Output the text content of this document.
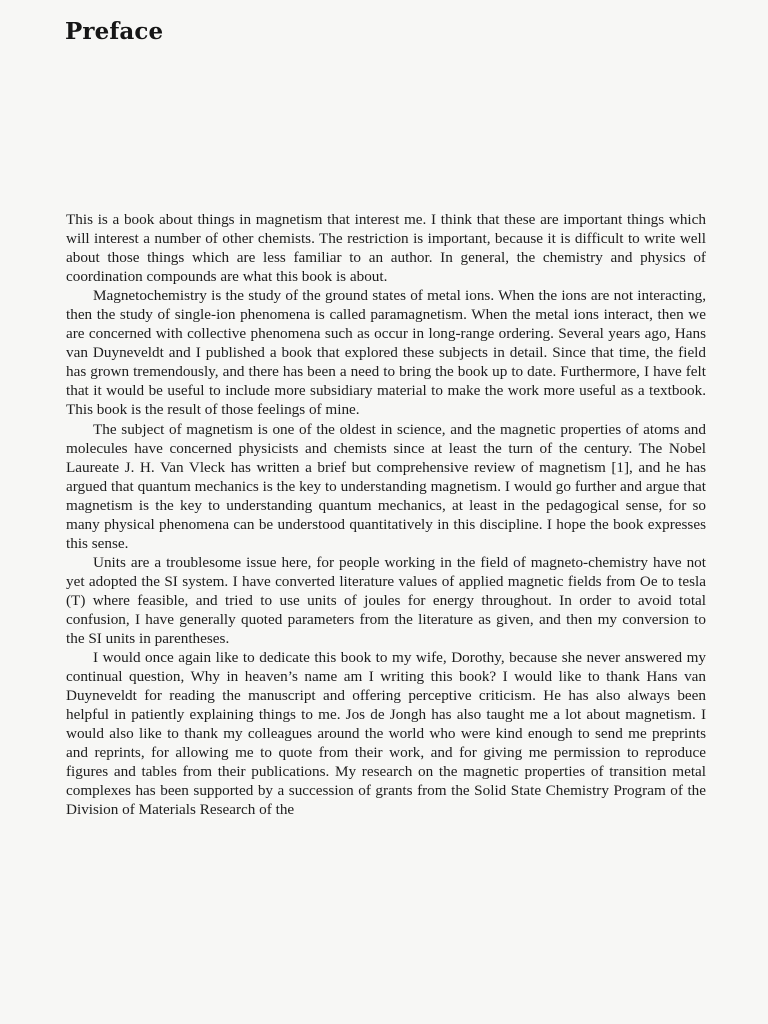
Preface

This is a book about things in magnetism that interest me. I think that these are important things which will interest a number of other chemists. The restriction is important, because it is difficult to write well about those things which are less familiar to an author. In general, the chemistry and physics of coordination compounds are what this book is about.

Magnetochemistry is the study of the ground states of metal ions. When the ions are not interacting, then the study of single-ion phenomena is called paramagnetism. When the metal ions interact, then we are concerned with collective phenomena such as occur in long-range ordering. Several years ago, Hans van Duyneveldt and I published a book that explored these subjects in detail. Since that time, the field has grown tremendously, and there has been a need to bring the book up to date. Furthermore, I have felt that it would be useful to include more subsidiary material to make the work more useful as a textbook. This book is the result of those feelings of mine.

The subject of magnetism is one of the oldest in science, and the magnetic properties of atoms and molecules have concerned physicists and chemists since at least the turn of the century. The Nobel Laureate J. H. Van Vleck has written a brief but comprehensive review of magnetism [1], and he has argued that quantum mechanics is the key to understanding magnetism. I would go further and argue that magnetism is the key to understanding quantum mechanics, at least in the pedagogical sense, for so many physical phenomena can be understood quantitatively in this discipline. I hope the book expresses this sense.

Units are a troublesome issue here, for people working in the field of magneto-chemistry have not yet adopted the SI system. I have converted literature values of applied magnetic fields from Oe to tesla (T) where feasible, and tried to use units of joules for energy throughout. In order to avoid total confusion, I have generally quoted parameters from the literature as given, and then my conversion to the SI units in parentheses.

I would once again like to dedicate this book to my wife, Dorothy, because she never answered my continual question, Why in heaven’s name am I writing this book? I would like to thank Hans van Duyneveldt for reading the manuscript and offering perceptive criticism. He has also always been helpful in patiently explaining things to me. Jos de Jongh has also taught me a lot about magnetism. I would also like to thank my colleagues around the world who were kind enough to send me preprints and reprints, for allowing me to quote from their work, and for giving me permission to reproduce figures and tables from their publications. My research on the magnetic properties of transition metal complexes has been supported by a succession of grants from the Solid State Chemistry Program of the Division of Materials Research of the
